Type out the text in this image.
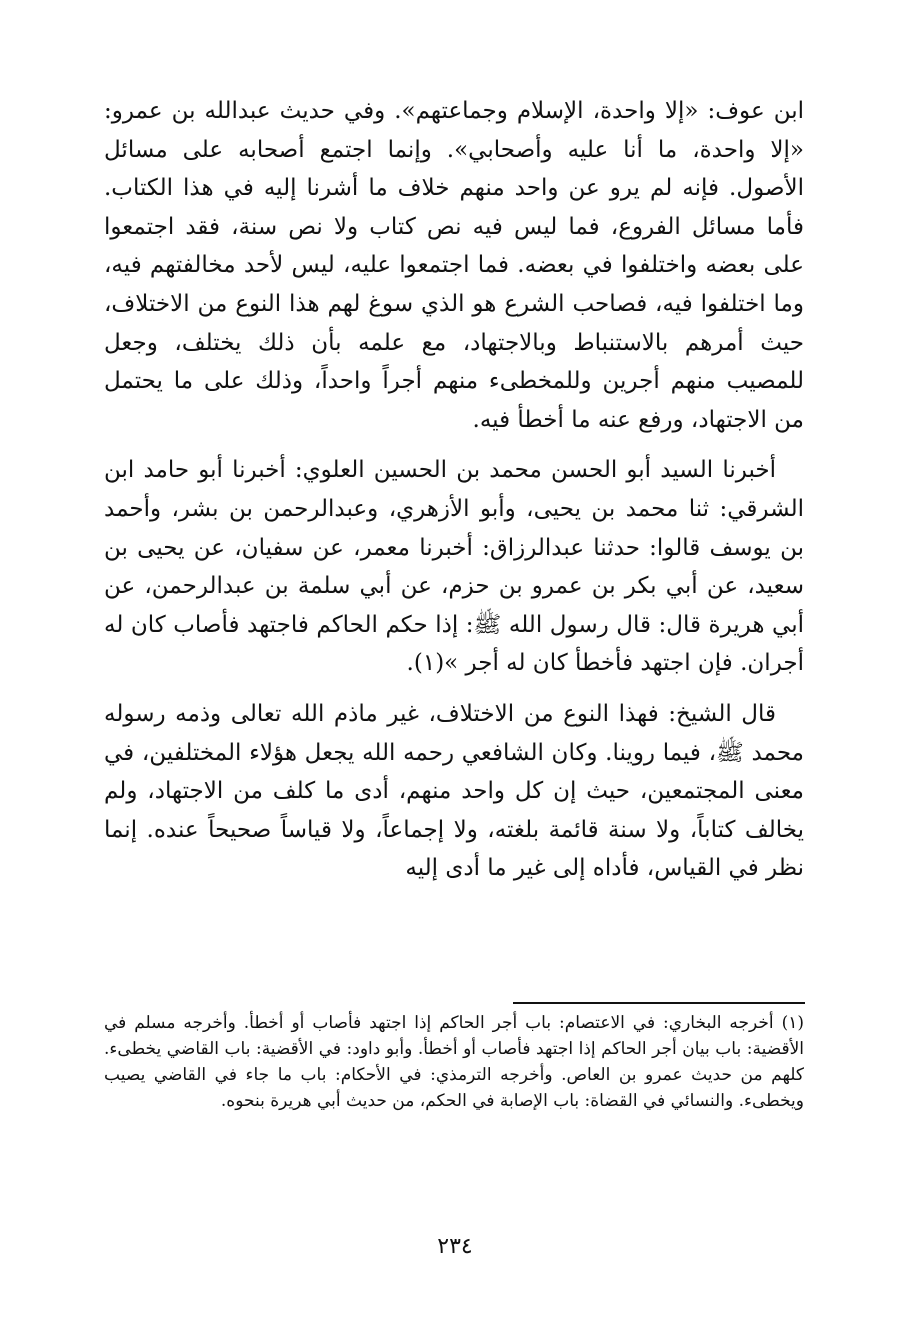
ابن عوف: «إلا واحدة، الإسلام وجماعتهم». وفي حديث عبدالله بن عمرو: «إلا واحدة، ما أنا عليه وأصحابي». وإنما اجتمع أصحابه على مسائل الأصول. فإنه لم يرو عن واحد منهم خلاف ما أشرنا إليه في هذا الكتاب. فأما مسائل الفروع، فما ليس فيه نص كتاب ولا نص سنة، فقد اجتمعوا على بعضه واختلفوا في بعضه. فما اجتمعوا عليه، ليس لأحد مخالفتهم فيه، وما اختلفوا فيه، فصاحب الشرع هو الذي سوغ لهم هذا النوع من الاختلاف، حيث أمرهم بالاستنباط وبالاجتهاد، مع علمه بأن ذلك يختلف، وجعل للمصيب منهم أجرين وللمخطىء منهم أجراً واحداً، وذلك على ما يحتمل من الاجتهاد، ورفع عنه ما أخطأ فيه.

أخبرنا السيد أبو الحسن محمد بن الحسين العلوي: أخبرنا أبو حامد ابن الشرقي: ثنا محمد بن يحيى، وأبو الأزهري، وعبدالرحمن بن بشر، وأحمد بن يوسف قالوا: حدثنا عبدالرزاق: أخبرنا معمر، عن سفيان، عن يحيى بن سعيد، عن أبي بكر بن عمرو بن حزم، عن أبي سلمة بن عبدالرحمن، عن أبي هريرة قال: قال رسول الله ﷺ: إذا حكم الحاكم فاجتهد فأصاب كان له أجران. فإن اجتهد فأخطأ كان له أجر »(١).

قال الشيخ: فهذا النوع من الاختلاف، غير ماذم الله تعالى وذمه رسوله محمد ﷺ، فيما روينا. وكان الشافعي رحمه الله يجعل هؤلاء المختلفين، في معنى المجتمعين، حيث إن كل واحد منهم، أدى ما كلف من الاجتهاد، ولم يخالف كتاباً، ولا سنة قائمة بلغته، ولا إجماعاً، ولا قياساً صحيحاً عنده. إنما نظر في القياس، فأداه إلى غير ما أدى إليه

(١) أخرجه البخاري: في الاعتصام: باب أجر الحاكم إذا اجتهد فأصاب أو أخطأ. وأخرجه مسلم في الأقضية: باب بيان أجر الحاكم إذا اجتهد فأصاب أو أخطأ. وأبو داود: في الأقضية: باب القاضي يخطىء. كلهم من حديث عمرو بن العاص. وأخرجه الترمذي: في الأحكام: باب ما جاء في القاضي يصيب ويخطىء. والنسائي في القضاة: باب الإصابة في الحكم، من حديث أبي هريرة بنحوه.

٢٣٤
